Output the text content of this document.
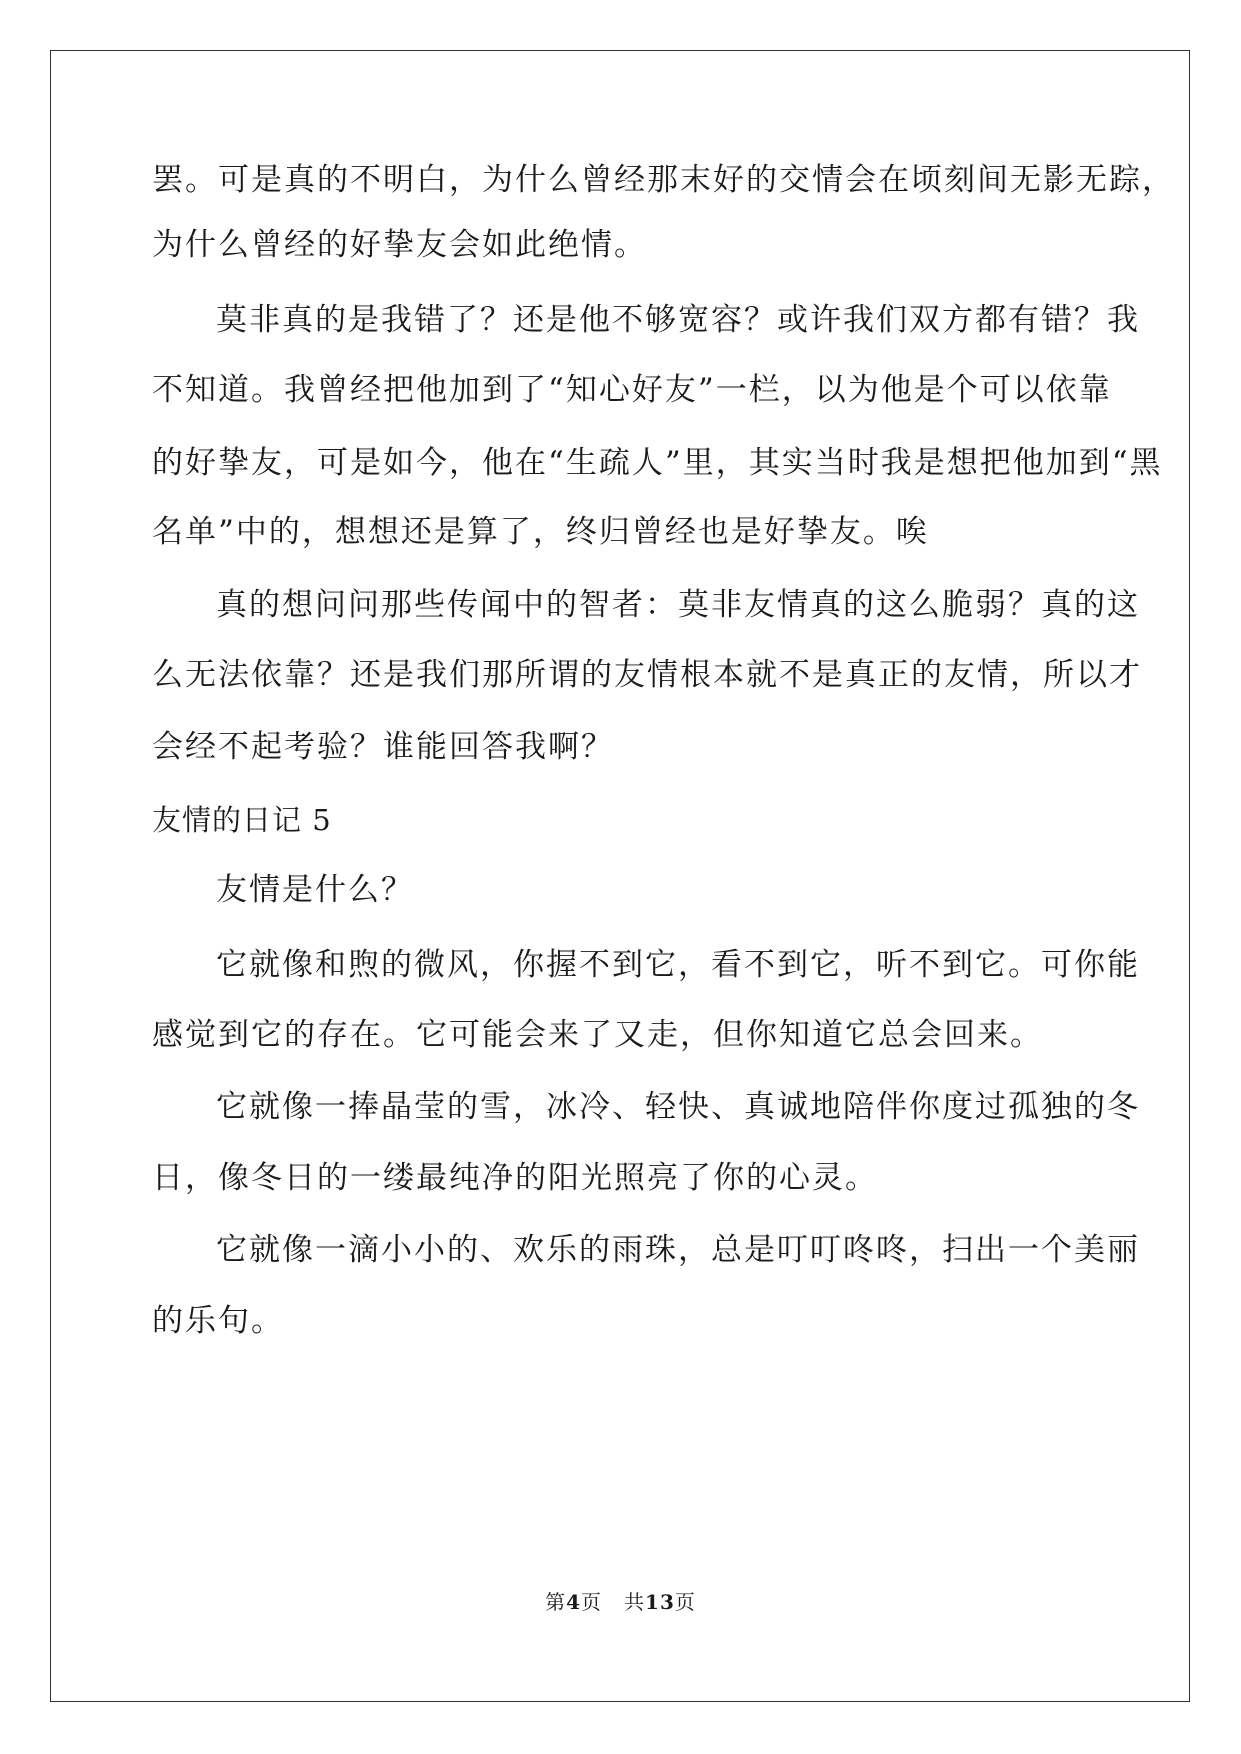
罢。可是真的不明白，为什么曾经那末好的交情会在顷刻间无影无踪，
为什么曾经的好挚友会如此绝情。
莫非真的是我错了？还是他不够宽容？或许我们双方都有错？我
不知道。我曾经把他加到了“知心好友”一栏，以为他是个可以依靠
的好挚友，可是如今，他在“生疏人”里，其实当时我是想把他加到“黑
名单”中的，想想还是算了，终归曾经也是好挚友。唉
真的想问问那些传闻中的智者：莫非友情真的这么脆弱？真的这
么无法依靠？还是我们那所谓的友情根本就不是真正的友情，所以才
会经不起考验？谁能回答我啊？
友情的日记 5
友情是什么？
它就像和煦的微风，你握不到它，看不到它，听不到它。可你能
感觉到它的存在。它可能会来了又走，但你知道它总会回来。
它就像一捧晶莹的雪，冰冷、轻快、真诚地陪伴你度过孤独的冬
日，像冬日的一缕最纯净的阳光照亮了你的心灵。
它就像一滴小小的、欢乐的雨珠，总是叮叮咚咚，扫出一个美丽
的乐句。
第4页 共13页
